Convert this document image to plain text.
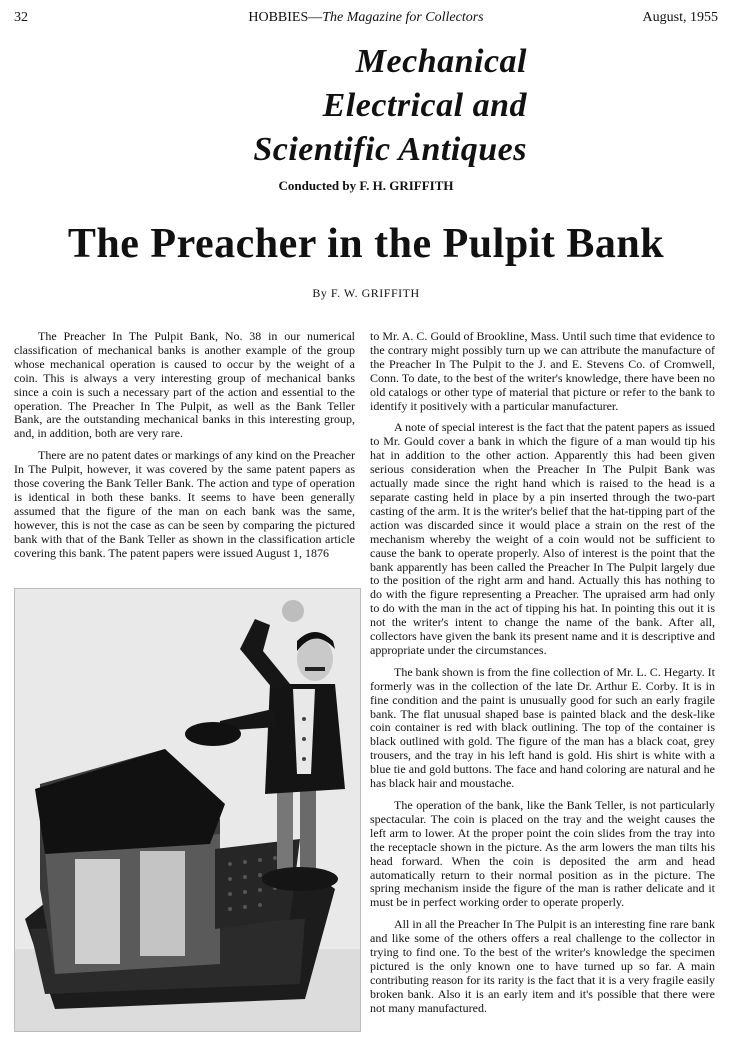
32	HOBBIES—The Magazine for Collectors	August, 1955
Mechanical
Electrical and
Scientific Antiques
Conducted by F. H. GRIFFITH
The Preacher in the Pulpit Bank
By F. W. GRIFFITH

The Preacher In The Pulpit Bank, No. 38 in our numerical classification of mechanical banks is another example of the group whose mechanical operation is caused to occur by the weight of a coin. This is always a very interesting group of mechanical banks since a coin is such a necessary part of the action and essential to the operation. The Preacher In The Pulpit, as well as the Bank Teller Bank, are the outstanding mechanical banks in this interesting group, and, in addition, both are very rare.

There are no patent dates or markings of any kind on the Preacher In The Pulpit, however, it was covered by the same patent papers as those covering the Bank Teller Bank. The action and type of operation is identical in both these banks. It seems to have been generally assumed that the figure of the man on each bank was the same, however, this is not the case as can be seen by comparing the pictured bank with that of the Bank Teller as shown in the classification article covering this bank. The patent papers were issued August 1, 1876

to Mr. A. C. Gould of Brookline, Mass. Until such time that evidence to the contrary might possibly turn up we can attribute the manufacture of the Preacher In The Pulpit to the J. and E. Stevens Co. of Cromwell, Conn. To date, to the best of the writer's knowledge, there have been no old catalogs or other type of material that picture or refer to the bank to identify it positively with a particular manufacturer.

A note of special interest is the fact that the patent papers as issued to Mr. Gould cover a bank in which the figure of a man would tip his hat in addition to the other action. Apparently this had been given serious consideration when the Preacher In The Pulpit Bank was actually made since the right hand which is raised to the head is a separate casting held in place by a pin inserted through the two-part casting of the arm. It is the writer's belief that the hat-tipping part of the action was discarded since it would place a strain on the rest of the mechanism whereby the weight of a coin would not be sufficient to cause the bank to operate properly. Also of interest is the point that the bank apparently has been called the Preacher In The Pulpit largely due to the position of the right arm and hand. Actually this has nothing to do with the figure representing a Preacher. The upraised arm had only to do with the man in the act of tipping his hat. In pointing this out it is not the writer's intent to change the name of the bank. After all, collectors have given the bank its present name and it is descriptive and appropriate under the circumstances.

The bank shown is from the fine collection of Mr. L. C. Hegarty. It formerly was in the collection of the late Dr. Arthur E. Corby. It is in fine condition and the paint is unusually good for such an early fragile bank. The flat unusual shaped base is painted black and the desk-like coin container is red with black outlining. The top of the container is black outlined with gold. The figure of the man has a black coat, grey trousers, and the tray in his left hand is gold. His shirt is white with a blue tie and gold buttons. The face and hand coloring are natural and he has black hair and moustache.

The operation of the bank, like the Bank Teller, is not particularly spectacular. The coin is placed on the tray and the weight causes the left arm to lower. At the proper point the coin slides from the tray into the receptacle shown in the picture. As the arm lowers the man tilts his head forward. When the coin is deposited the arm and head automatically return to their normal position as in the picture. The spring mechanism inside the figure of the man is rather delicate and it must be in perfect working order to operate properly.

All in all the Preacher In The Pulpit is an interesting fine rare bank and like some of the others offers a real challenge to the collector in trying to find one. To the best of the writer's knowledge the specimen pictured is the only known one to have turned up so far. A main contributing reason for its rarity is the fact that it is a very fragile easily broken bank. Also it is an early item and it's possible that there were not many manufactured.
